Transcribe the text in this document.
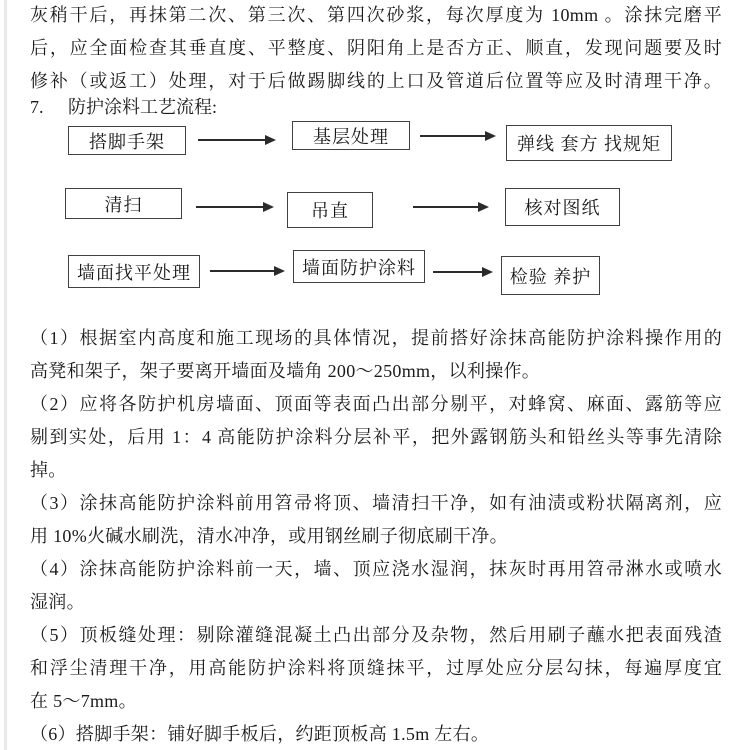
灰稍干后，再抹第二次、第三次、第四次砂浆，每次厚度为 10mm 。涂抹完磨平
后，应全面检查其垂直度、平整度、阴阳角上是否方正、顺直，发现问题要及时
修补（或返工）处理，对于后做踢脚线的上口及管道后位置等应及时清理干净。
7. 防护涂料工艺流程:
搭脚手架	基层处理	弹线 套方 找规矩
清扫	吊直	核对图纸
墙面找平处理	墙面防护涂料	检验 养护
（1）根据室内高度和施工现场的具体情况，提前搭好涂抹高能防护涂料操作用的
高凳和架子，架子要离开墙面及墙角 200～250mm，以利操作。
（2）应将各防护机房墙面、顶面等表面凸出部分剔平，对蜂窝、麻面、露筋等应
剔到实处，后用 1：4 高能防护涂料分层补平，把外露钢筋头和铅丝头等事先清除
掉。
（3）涂抹高能防护涂料前用笤帚将顶、墙清扫干净，如有油渍或粉状隔离剂，应
用 10%火碱水刷洗，清水冲净，或用钢丝刷子彻底刷干净。
（4）涂抹高能防护涂料前一天，墙、顶应浇水湿润，抹灰时再用笤帚淋水或喷水
湿润。
（5）顶板缝处理：剔除灌缝混凝土凸出部分及杂物，然后用刷子蘸水把表面残渣
和浮尘清理干净，用高能防护涂料将顶缝抹平，过厚处应分层勾抹，每遍厚度宜
在 5～7mm。
（6）搭脚手架：铺好脚手板后，约距顶板高 1.5m 左右。
